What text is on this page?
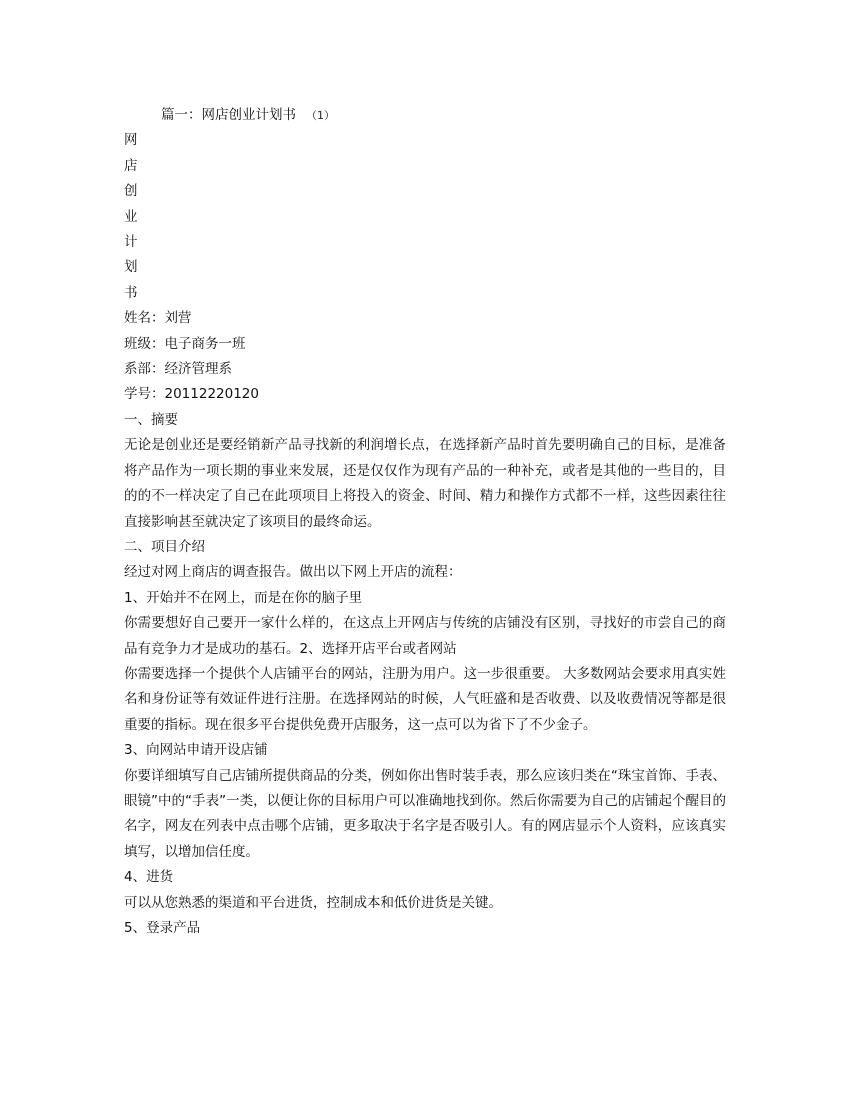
篇一：网店创业计划书 （1）

网
店
创
业
计
划
书

姓名：刘营

班级：电子商务一班

系部：经济管理系

学号：20112220120

一、摘要

无论是创业还是要经销新产品寻找新的利润增长点，在选择新产品时首先要明确自己的目标，是准备将产品作为一项长期的事业来发展，还是仅仅作为现有产品的一种补充，或者是其他的一些目的，目的的不一样决定了自己在此项项目上将投入的资金、时间、精力和操作方式都不一样，这些因素往往直接影响甚至就决定了该项目的最终命运。

二、项目介绍

经过对网上商店的调查报告。做出以下网上开店的流程：

1、开始并不在网上，而是在你的脑子里

你需要想好自己要开一家什么样的，在这点上开网店与传统的店铺没有区别，寻找好的市尝自己的商品有竞争力才是成功的基石。2、选择开店平台或者网站

你需要选择一个提供个人店铺平台的网站，注册为用户。这一步很重要。 大多数网站会要求用真实姓名和身份证等有效证件进行注册。在选择网站的时候，人气旺盛和是否收费、以及收费情况等都是很重要的指标。现在很多平台提供免费开店服务，这一点可以为省下了不少金子。

3、向网站申请开设店铺

你要详细填写自己店铺所提供商品的分类，例如你出售时装手表，那么应该归类在“珠宝首饰、手表、眼镜”中的“手表”一类，以便让你的目标用户可以准确地找到你。然后你需要为自己的店铺起个醒目的名字，网友在列表中点击哪个店铺，更多取决于名字是否吸引人。有的网店显示个人资料，应该真实填写，以增加信任度。

4、进货

可以从您熟悉的渠道和平台进货，控制成本和低价进货是关键。

5、登录产品
